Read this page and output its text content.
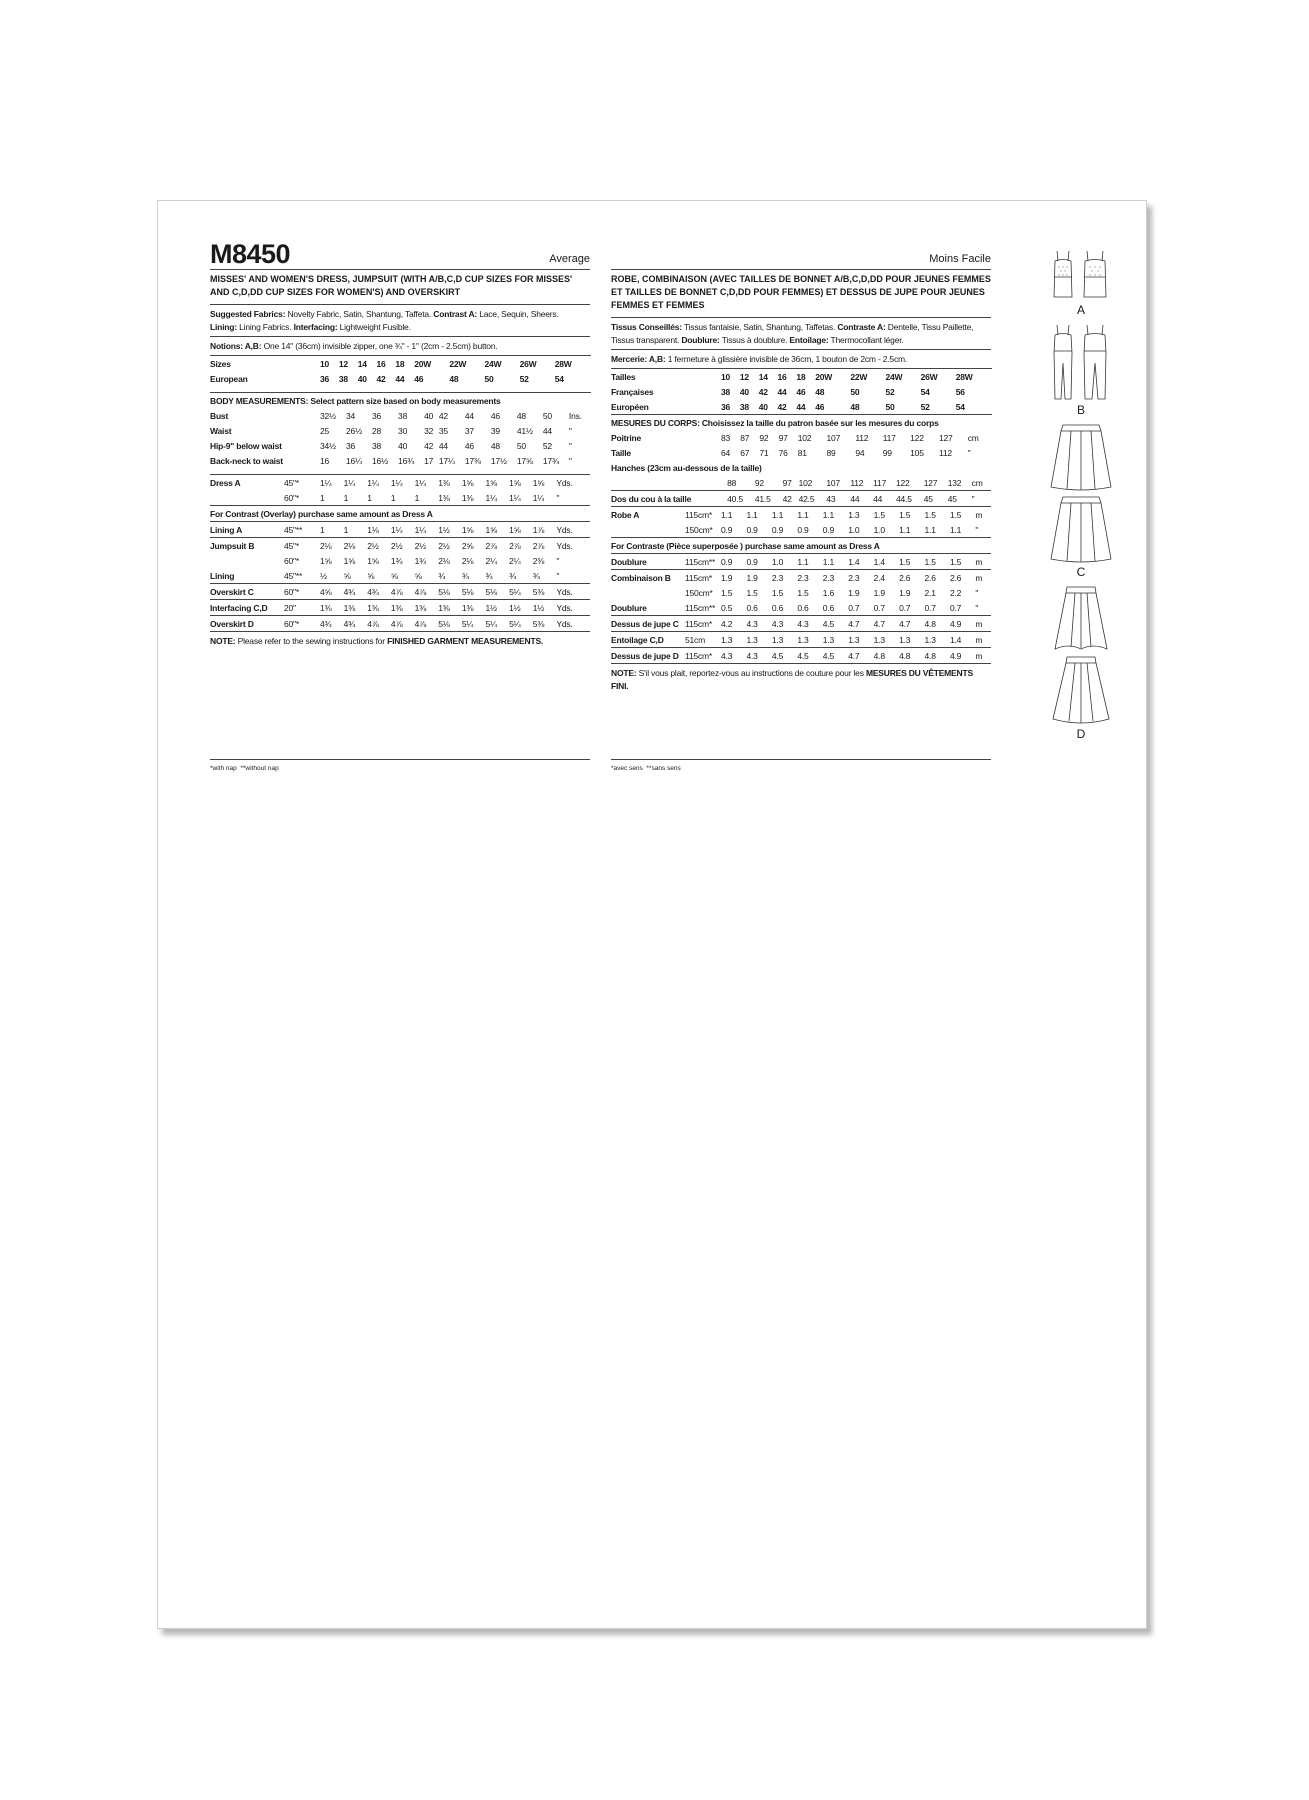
M8450	Average
MISSES' AND WOMEN'S DRESS, JUMPSUIT (WITH A/B,C,D CUP SIZES FOR MISSES' AND C,D,DD CUP SIZES FOR WOMEN'S) AND OVERSKIRT
Suggested Fabrics: Novelty Fabric, Satin, Shantung, Taffeta. Contrast A: Lace, Sequin, Sheers.
Lining: Lining Fabrics. Interfacing: Lightweight Fusible.
Notions: A,B: One 14" (36cm) invisible zipper, one ¾" - 1" (2cm - 2.5cm) button.
Sizes		10	12	14	16	18	20W	22W	24W	26W	28W	
European		36	38	40	42	44	46	48	50	52	54	

BODY MEASUREMENTS: Select pattern size based on body measurements												
Bust		32½	34	36	38	40	42	44	46	48	50	Ins.
Waist		25	26½	28	30	32	35	37	39	41½	44	"
Hip-9" below waist		34½	36	38	40	42	44	46	48	50	52	"
Back-neck to waist		16	16¼	16½	16¾	17	17¼	17⅜	17½	17⅝	17¾	"
Dress A	45"*	1¼	1¼	1¼	1¼	1¼	1⅜	1⅝	1⅝	1⅝	1⅝	Yds.
	60"*	1	1	1	1	1	1⅜	1⅜	1¼	1¼	1¼	"
For Contrast (Overlay) purchase same amount as Dress A
Lining A	45"**	1	1	1⅛	1¼	1¼	1½	1⅝	1⅝	1⅝	1⅞	Yds.
Jumpsuit B	45"*	2⅛	2⅛	2½	2½	2½	2½	2⅝	2⅞	2⅞	2⅞	Yds.
	60"*	1⅝	1⅝	1⅝	1¾	1¾	2⅛	2⅛	2¼	2¼	2⅜	"
Lining	45"**	½	⅝	⅝	⅝	⅝	¾	¾	¾	¾	¾	"
Overskirt C	60"*	4⅝	4¾	4¾	4⅞	4⅞	5⅛	5⅛	5⅛	5¼	5⅜	Yds.
Interfacing C,D	20"	1⅜	1⅜	1⅜	1⅜	1⅜	1⅜	1⅜	1½	1½	1½	Yds.
Overskirt D	60"*	4¾	4¾	4⅞	4⅞	4⅞	5⅛	5¼	5¼	5¼	5⅜	Yds.
NOTE: Please refer to the sewing instructions for FINISHED GARMENT MEASUREMENTS.
*with nap **without nap
Moins Facile
ROBE, COMBINAISON (AVEC TAILLES DE BONNET A/B,C,D,DD POUR JEUNES FEMMES ET TAILLES DE BONNET C,D,DD POUR FEMMES) ET DESSUS DE JUPE POUR JEUNES FEMMES ET FEMMES
Tissus Conseillés: Tissus fantaisie, Satin, Shantung, Taffetas. Contraste A: Dentelle, Tissu Paillette, Tissus transparent. Doublure: Tissus à doublure. Entoilage: Thermocollant léger.
Mercerie: A,B: 1 fermeture à glissière invisible de 36cm, 1 bouton de 2cm - 2.5cm.
Tailles		10	12	14	16	18	20W	22W	24W	26W	28W	
Françaises		38	40	42	44	46	48	50	52	54	56	
Européen		36	38	40	42	44	46	48	50	52	54	
MESURES DU CORPS: Choisissez la taille du patron basée sur les mesures du corps												
Poitrine		83	87	92	97	102	107	112	117	122	127	cm
Taille		64	67	71	76	81	89	94	99	105	112	"
Hanches (23cm au-dessous de la taille)
		88	92	97	102	107	112	117	122	127	132	cm
Dos du cou à la taille		40.5	41.5	42	42.5	43	44	44	44.5	45	45	"
Robe A	115cm*	1.1	1.1	1.1	1.1	1.1	1.3	1.5	1.5	1.5	1.5	m
	150cm*	0.9	0.9	0.9	0.9	0.9	1.0	1.0	1.1	1.1	1.1	"
For Contraste (Pièce superposée ) purchase same amount as Dress A
Doublure	115cm**	0.9	0.9	1.0	1.1	1.1	1.4	1.4	1.5	1.5	1.5	m
Combinaison B	115cm*	1.9	1.9	2.3	2.3	2.3	2.3	2.4	2.6	2.6	2.6	m
	150cm*	1.5	1.5	1.5	1.5	1.6	1.9	1.9	1.9	2.1	2.2	"
Doublure	115cm**	0.5	0.6	0.6	0.6	0.6	0.7	0.7	0.7	0.7	0.7	"
Dessus de jupe C	115cm*	4.2	4.3	4.3	4.3	4.5	4.7	4.7	4.7	4.8	4.9	m
Entoilage C,D	51cm	1.3	1.3	1.3	1.3	1.3	1.3	1.3	1.3	1.3	1.4	m
Dessus de jupe D	115cm*	4.3	4.3	4.5	4.5	4.5	4.7	4.8	4.8	4.8	4.9	m
NOTE: S'il vous plait, reportez-vous au instructions de couture pour les MESURES DU VÊTEMENTS FINI.
*avec sens **sans sens
A
B
C
D
